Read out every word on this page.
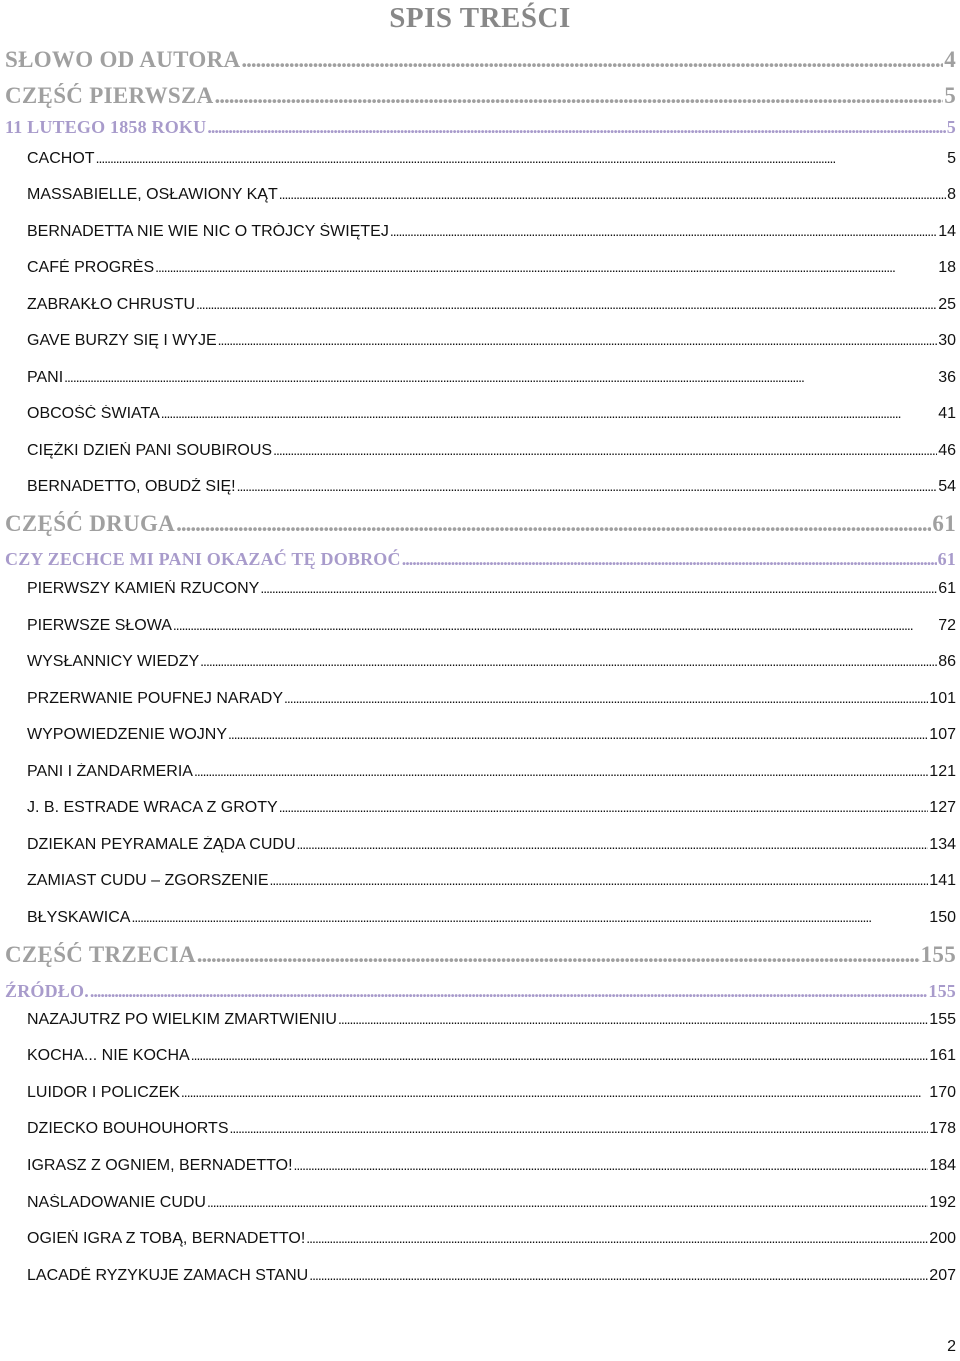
SPIS TREŚCI
SŁOWO OD AUTORA .....	4
CZĘŚĆ PIERWSZA .....	5
11 LUTEGO 1858 ROKU .....	5
CACHOT .....	5
MASSABIELLE, OSŁAWIONY KĄT .....	8
BERNADETTA NIE WIE NIC O TRÓJCY ŚWIĘTEJ .....	14
CAFÉ PROGRÈS .....	18
ZABRAKŁO CHRUSTU .....	25
GAVE BURZY SIĘ I WYJE .....	30
PANI .....	36
OBCOŚĆ ŚWIATA .....	41
CIĘŻKI DZIEŃ PANI SOUBIROUS .....	46
BERNADETTO, OBUDŹ SIĘ! .....	54
CZĘŚĆ DRUGA .....	61
CZY ZECHCE MI PANI OKAZAĆ TĘ DOBROĆ .....	61
PIERWSZY KAMIEŃ RZUCONY .....	61
PIERWSZE SŁOWA .....	72
WYSŁANNICY WIEDZY .....	86
PRZERWANIE POUFNEJ NARADY .....	101
WYPOWIEDZENIE WOJNY .....	107
PANI I ŻANDARMERIA .....	121
J. B. ESTRADE WRACA Z GROTY .....	127
DZIEKAN PEYRAMALE ŻĄDA CUDU .....	134
ZAMIAST CUDU – ZGORSZENIE .....	141
BŁYSKAWICA .....	150
CZĘŚĆ TRZECIA .....	155
ŹRÓDŁO. .....	155
NAZAJUTRZ PO WIELKIM ZMARTWIENIU .....	155
KOCHA... NIE KOCHA .....	161
LUIDOR I POLICZEK .....	170
DZIECKO BOUHOUHORTS .....	178
IGRASZ Z OGNIEM, BERNADETTO! .....	184
NAŚLADOWANIE CUDU .....	192
OGIEŃ IGRA Z TOBĄ, BERNADETTO! .....	200
LACADÉ RYZYKUJE ZAMACH STANU .....	207
2
